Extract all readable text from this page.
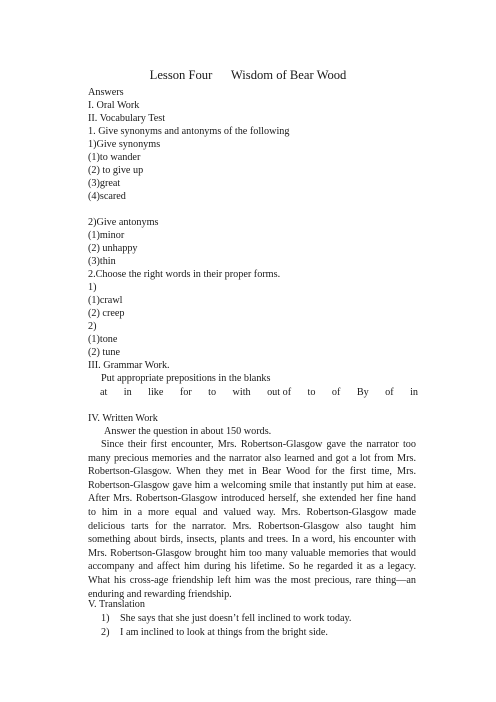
Lesson Four      Wisdom of Bear Wood
Answers
I. Oral Work
II. Vocabulary Test
1. Give synonyms and antonyms of the following
1)Give synonyms
(1)to wander
(2) to give up
(3)great
(4)scared
2)Give antonyms
(1)minor
(2) unhappy
(3)thin
2.Choose the right words in their proper forms.
1)
(1)crawl
(2) creep
2)
(1)tone
(2) tune
III. Grammar Work.
Put appropriate prepositions in the blanks
at in like for to with out of to of By of in
IV. Written Work
Answer the question in about 150 words.

Since their first encounter, Mrs. Robertson-Glasgow gave the narrator too many precious memories and the narrator also learned and got a lot from Mrs. Robertson-Glasgow. When they met in Bear Wood for the first time, Mrs. Robertson-Glasgow gave him a welcoming smile that instantly put him at ease. After Mrs. Robertson-Glasgow introduced herself, she extended her fine hand to him in a more equal and valued way. Mrs. Robertson-Glasgow made delicious tarts for the narrator. Mrs. Robertson-Glasgow also taught him something about birds, insects, plants and trees. In a word, his encounter with Mrs. Robertson-Glasgow brought him too many valuable memories that would accompany and affect him during his lifetime. So he regarded it as a legacy. What his cross-age friendship left him was the most precious, rare thing—an enduring and rewarding friendship.

V. Translation
1) She says that she just doesn’t fell inclined to work today.
2) I am inclined to look at things from the bright side.
